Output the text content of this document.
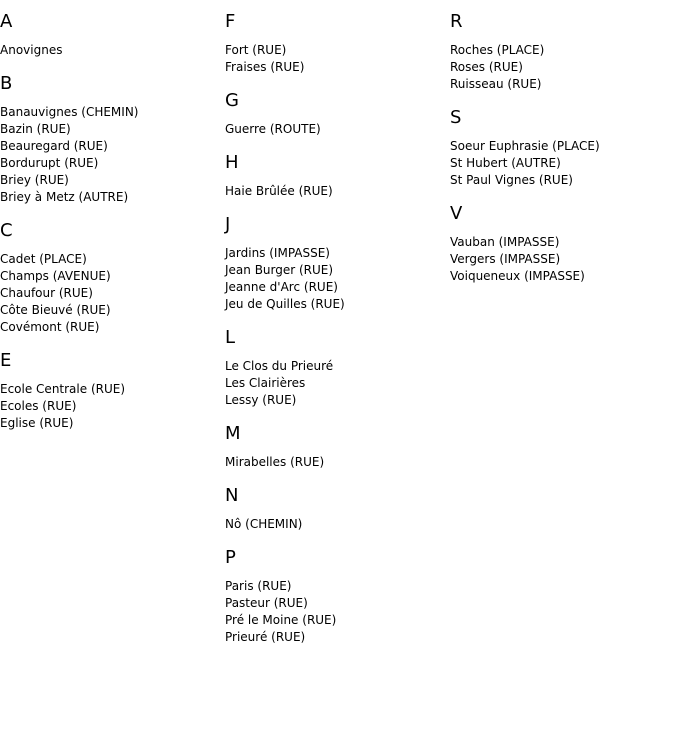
A
Anovignes
B
Banauvignes (CHEMIN)
Bazin (RUE)
Beauregard (RUE)
Bordurupt (RUE)
Briey (RUE)
Briey à Metz (AUTRE)
C
Cadet (PLACE)
Champs (AVENUE)
Chaufour (RUE)
Côte Bieuvé (RUE)
Covémont (RUE)
E
Ecole Centrale (RUE)
Ecoles (RUE)
Eglise (RUE)
F
Fort (RUE)
Fraises (RUE)
G
Guerre (ROUTE)
H
Haie Brûlée (RUE)
J
Jardins (IMPASSE)
Jean Burger (RUE)
Jeanne d'Arc (RUE)
Jeu de Quilles (RUE)
L
Le Clos du Prieuré
Les Clairières
Lessy (RUE)
M
Mirabelles (RUE)
N
Nô (CHEMIN)
P
Paris (RUE)
Pasteur (RUE)
Pré le Moine (RUE)
Prieuré (RUE)
R
Roches (PLACE)
Roses (RUE)
Ruisseau (RUE)
S
Soeur Euphrasie (PLACE)
St Hubert (AUTRE)
St Paul Vignes (RUE)
V
Vauban (IMPASSE)
Vergers (IMPASSE)
Voiqueneux (IMPASSE)
